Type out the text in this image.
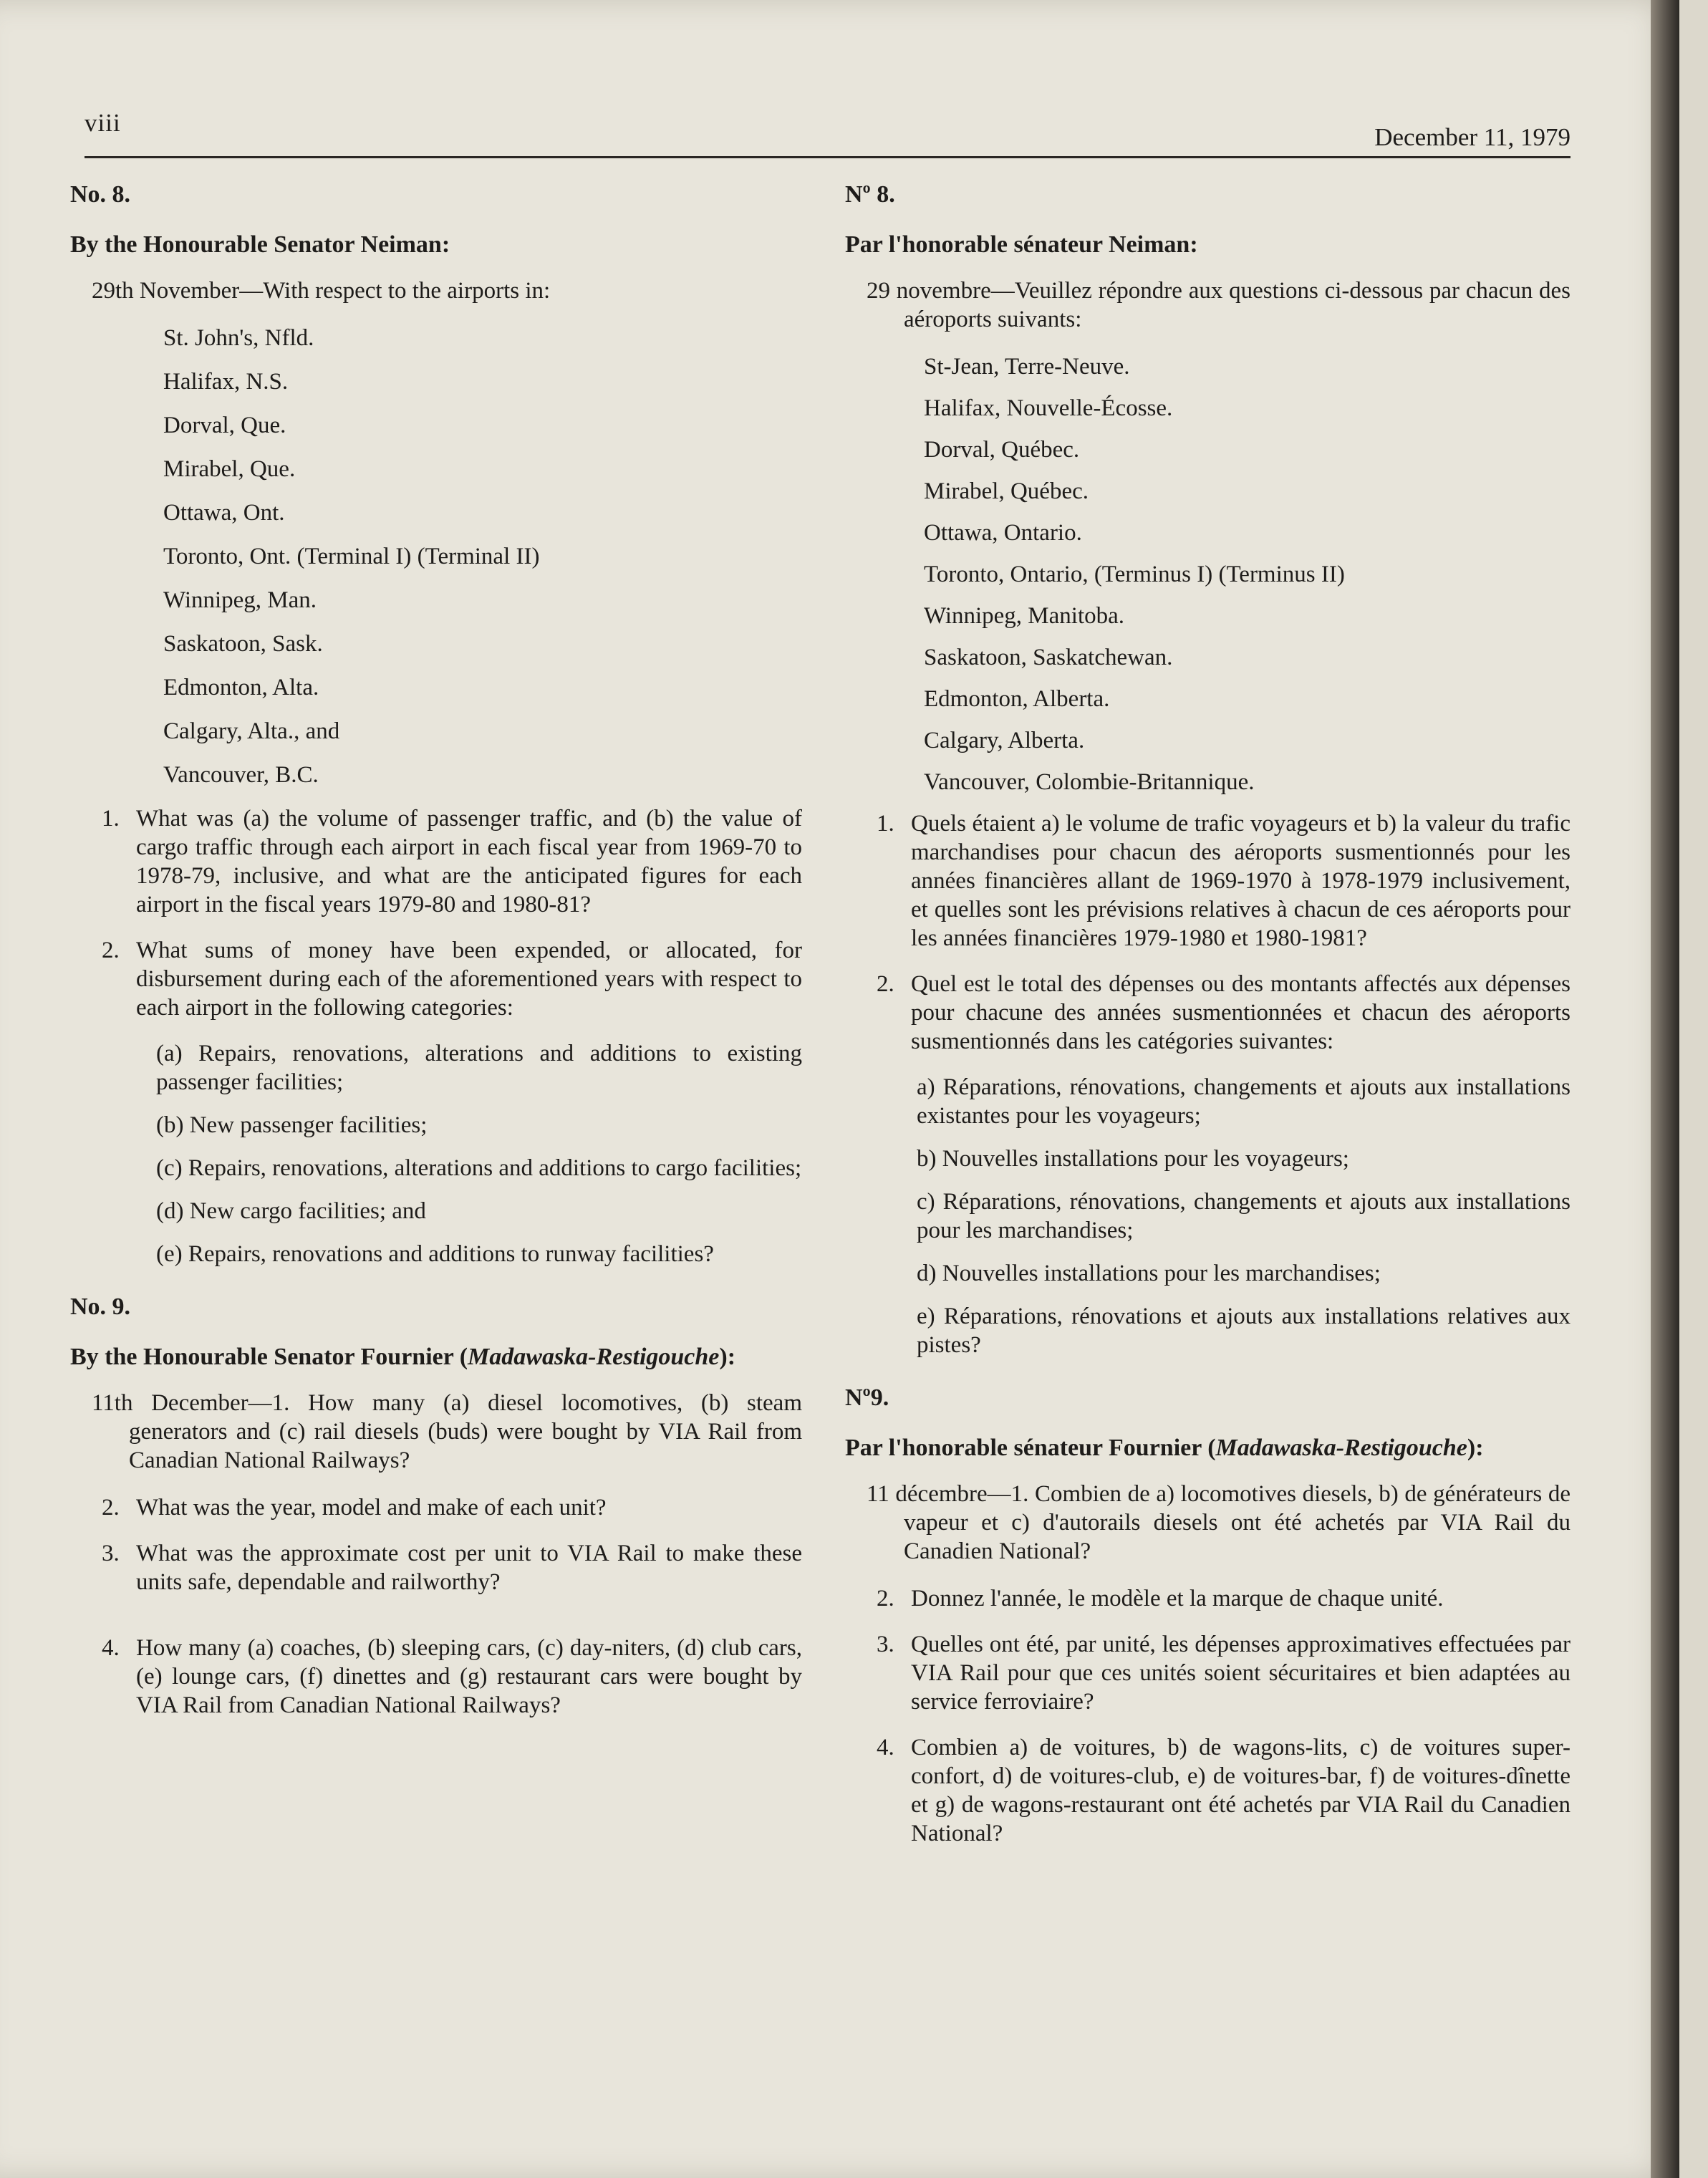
viii
December 11, 1979

No. 8.

By the Honourable Senator Neiman:

29th November—With respect to the airports in:

St. John's, Nfld.

Halifax, N.S.

Dorval, Que.

Mirabel, Que.

Ottawa, Ont.

Toronto, Ont. (Terminal I) (Terminal II)

Winnipeg, Man.

Saskatoon, Sask.

Edmonton, Alta.

Calgary, Alta., and

Vancouver, B.C.

1. What was (a) the volume of passenger traffic, and (b) the value of cargo traffic through each airport in each fiscal year from 1969-70 to 1978-79, inclusive, and what are the anticipated figures for each airport in the fiscal years 1979-80 and 1980-81?

2. What sums of money have been expended, or allocated, for disbursement during each of the aforementioned years with respect to each airport in the following categories:

(a) Repairs, renovations, alterations and additions to existing passenger facilities;

(b) New passenger facilities;

(c) Repairs, renovations, alterations and additions to cargo facilities;

(d) New cargo facilities; and

(e) Repairs, renovations and additions to runway facilities?

No. 9.

By the Honourable Senator Fournier (Madawaska-Restigouche):

11th December—1. How many (a) diesel locomotives, (b) steam generators and (c) rail diesels (buds) were bought by VIA Rail from Canadian National Railways?

2. What was the year, model and make of each unit?

3. What was the approximate cost per unit to VIA Rail to make these units safe, dependable and railworthy?

4. How many (a) coaches, (b) sleeping cars, (c) day-niters, (d) club cars, (e) lounge cars, (f) dinettes and (g) restaurant cars were bought by VIA Rail from Canadian National Railways?

Nº 8.

Par l'honorable sénateur Neiman:

29 novembre—Veuillez répondre aux questions ci-dessous par chacun des aéroports suivants:

St-Jean, Terre-Neuve.

Halifax, Nouvelle-Écosse.

Dorval, Québec.

Mirabel, Québec.

Ottawa, Ontario.

Toronto, Ontario, (Terminus I) (Terminus II)

Winnipeg, Manitoba.

Saskatoon, Saskatchewan.

Edmonton, Alberta.

Calgary, Alberta.

Vancouver, Colombie-Britannique.

1. Quels étaient a) le volume de trafic voyageurs et b) la valeur du trafic marchandises pour chacun des aéroports susmentionnés pour les années financières allant de 1969-1970 à 1978-1979 inclusivement, et quelles sont les prévisions relatives à chacun de ces aéroports pour les années financières 1979-1980 et 1980-1981?

2. Quel est le total des dépenses ou des montants affectés aux dépenses pour chacune des années susmentionnées et chacun des aéroports susmentionnés dans les catégories suivantes:

a) Réparations, rénovations, changements et ajouts aux installations existantes pour les voyageurs;

b) Nouvelles installations pour les voyageurs;

c) Réparations, rénovations, changements et ajouts aux installations pour les marchandises;

d) Nouvelles installations pour les marchandises;

e) Réparations, rénovations et ajouts aux installations relatives aux pistes?

Nº9.

Par l'honorable sénateur Fournier (Madawaska-Restigouche):

11 décembre—1. Combien de a) locomotives diesels, b) de générateurs de vapeur et c) d'autorails diesels ont été achetés par VIA Rail du Canadien National?

2. Donnez l'année, le modèle et la marque de chaque unité.

3. Quelles ont été, par unité, les dépenses approximatives effectuées par VIA Rail pour que ces unités soient sécuritaires et bien adaptées au service ferroviaire?

4. Combien a) de voitures, b) de wagons-lits, c) de voitures super-confort, d) de voitures-club, e) de voitures-bar, f) de voitures-dînette et g) de wagons-restaurant ont été achetés par VIA Rail du Canadien National?
